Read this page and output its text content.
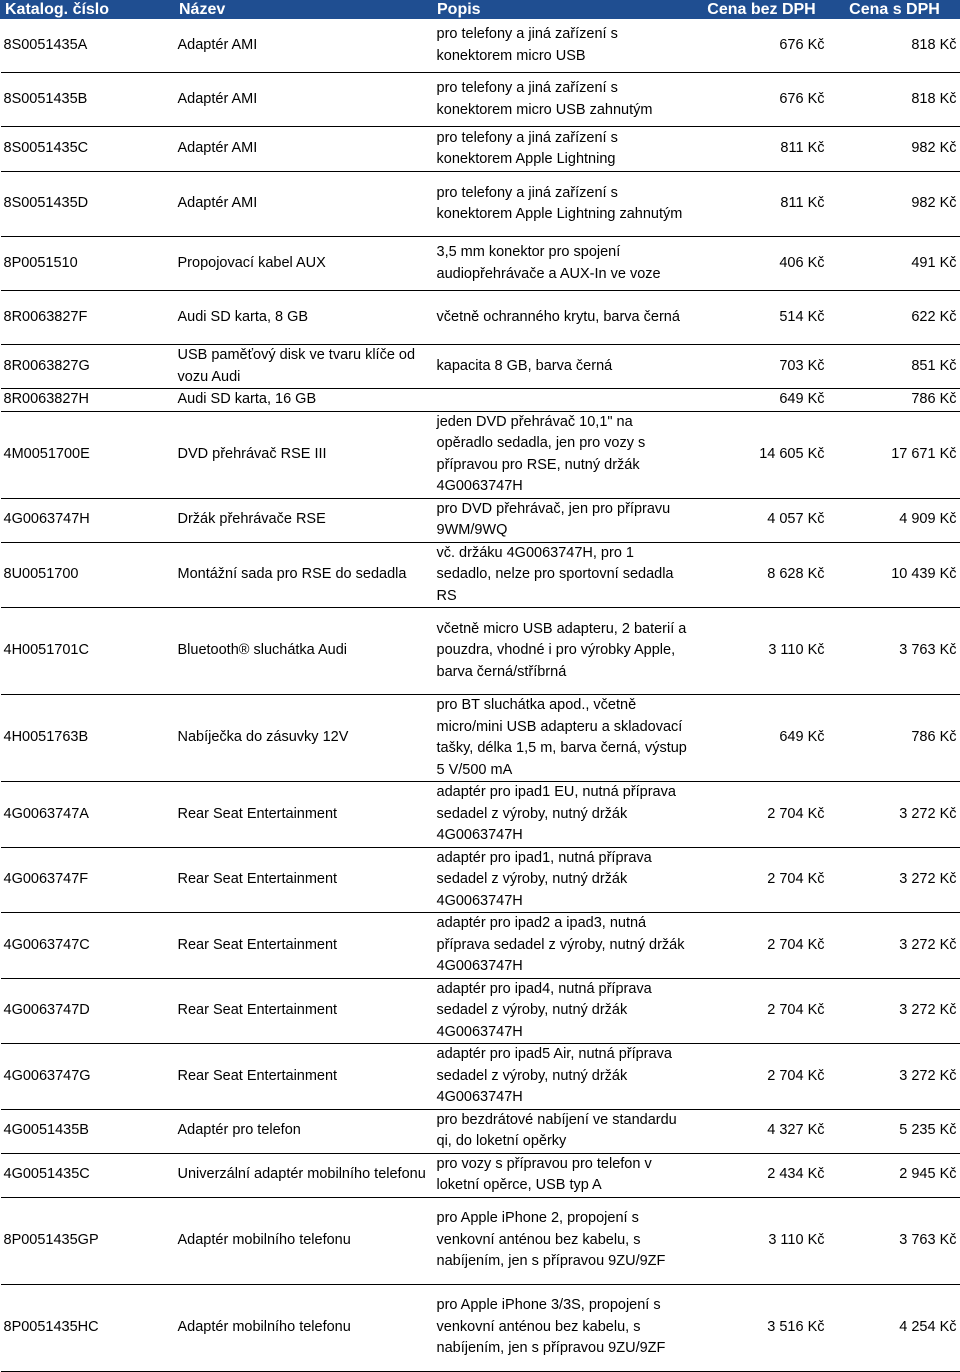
Katalog. číslo	Název	Popis	Cena bez DPH	Cena s DPH
8S0051435A	Adaptér AMI	pro telefony a jiná zařízení s konektorem micro USB	676 Kč	818 Kč
8S0051435B	Adaptér AMI	pro telefony a jiná zařízení s konektorem micro USB zahnutým	676 Kč	818 Kč
8S0051435C	Adaptér AMI	pro telefony a jiná zařízení s konektorem Apple Lightning	811 Kč	982 Kč
8S0051435D	Adaptér AMI	pro telefony a jiná zařízení s konektorem Apple Lightning zahnutým	811 Kč	982 Kč
8P0051510	Propojovací kabel AUX	3,5 mm konektor pro spojení audiopřehrávače a AUX-In ve voze	406 Kč	491 Kč
8R0063827F	Audi SD karta, 8 GB	včetně ochranného krytu, barva černá	514 Kč	622 Kč
8R0063827G	USB paměťový disk ve tvaru klíče od vozu Audi	kapacita 8 GB, barva černá	703 Kč	851 Kč
8R0063827H	Audi SD karta, 16 GB		649 Kč	786 Kč
4M0051700E	DVD přehrávač RSE III	jeden DVD přehrávač 10,1" na opěradlo sedadla, jen pro vozy s přípravou pro RSE, nutný držák 4G0063747H	14 605 Kč	17 671 Kč
4G0063747H	Držák přehrávače RSE	pro DVD přehrávač, jen pro přípravu 9WM/9WQ	4 057 Kč	4 909 Kč
8U0051700	Montážní sada pro RSE do sedadla	vč. držáku 4G0063747H, pro 1 sedadlo, nelze pro sportovní sedadla RS	8 628 Kč	10 439 Kč
4H0051701C	Bluetooth® sluchátka Audi	včetně micro USB adapteru, 2 baterií a pouzdra, vhodné i pro výrobky Apple, barva černá/stříbrná	3 110 Kč	3 763 Kč
4H0051763B	Nabíječka do zásuvky 12V	pro BT sluchátka apod., včetně micro/mini USB adapteru a skladovací tašky, délka 1,5 m, barva černá, výstup 5 V/500 mA	649 Kč	786 Kč
4G0063747A	Rear Seat Entertainment	adaptér pro ipad1 EU, nutná příprava sedadel z výroby, nutný držák 4G0063747H	2 704 Kč	3 272 Kč
4G0063747F	Rear Seat Entertainment	adaptér pro ipad1, nutná příprava sedadel z výroby, nutný držák 4G0063747H	2 704 Kč	3 272 Kč
4G0063747C	Rear Seat Entertainment	adaptér pro ipad2 a ipad3, nutná příprava sedadel z výroby, nutný držák 4G0063747H	2 704 Kč	3 272 Kč
4G0063747D	Rear Seat Entertainment	adaptér pro ipad4, nutná příprava sedadel z výroby, nutný držák 4G0063747H	2 704 Kč	3 272 Kč
4G0063747G	Rear Seat Entertainment	adaptér pro ipad5 Air, nutná příprava sedadel z výroby, nutný držák 4G0063747H	2 704 Kč	3 272 Kč
4G0051435B	Adaptér pro telefon	pro bezdrátové nabíjení ve standardu qi, do loketní opěrky	4 327 Kč	5 235 Kč
4G0051435C	Univerzální adaptér mobilního telefonu	pro vozy s přípravou pro telefon v loketní opěrce, USB typ A	2 434 Kč	2 945 Kč
8P0051435GP	Adaptér mobilního telefonu	pro Apple iPhone 2, propojení s venkovní anténou bez kabelu, s nabíjením, jen s přípravou 9ZU/9ZF	3 110 Kč	3 763 Kč
8P0051435HC	Adaptér mobilního telefonu	pro Apple iPhone 3/3S, propojení s venkovní anténou bez kabelu, s nabíjením, jen s přípravou 9ZU/9ZF	3 516 Kč	4 254 Kč
